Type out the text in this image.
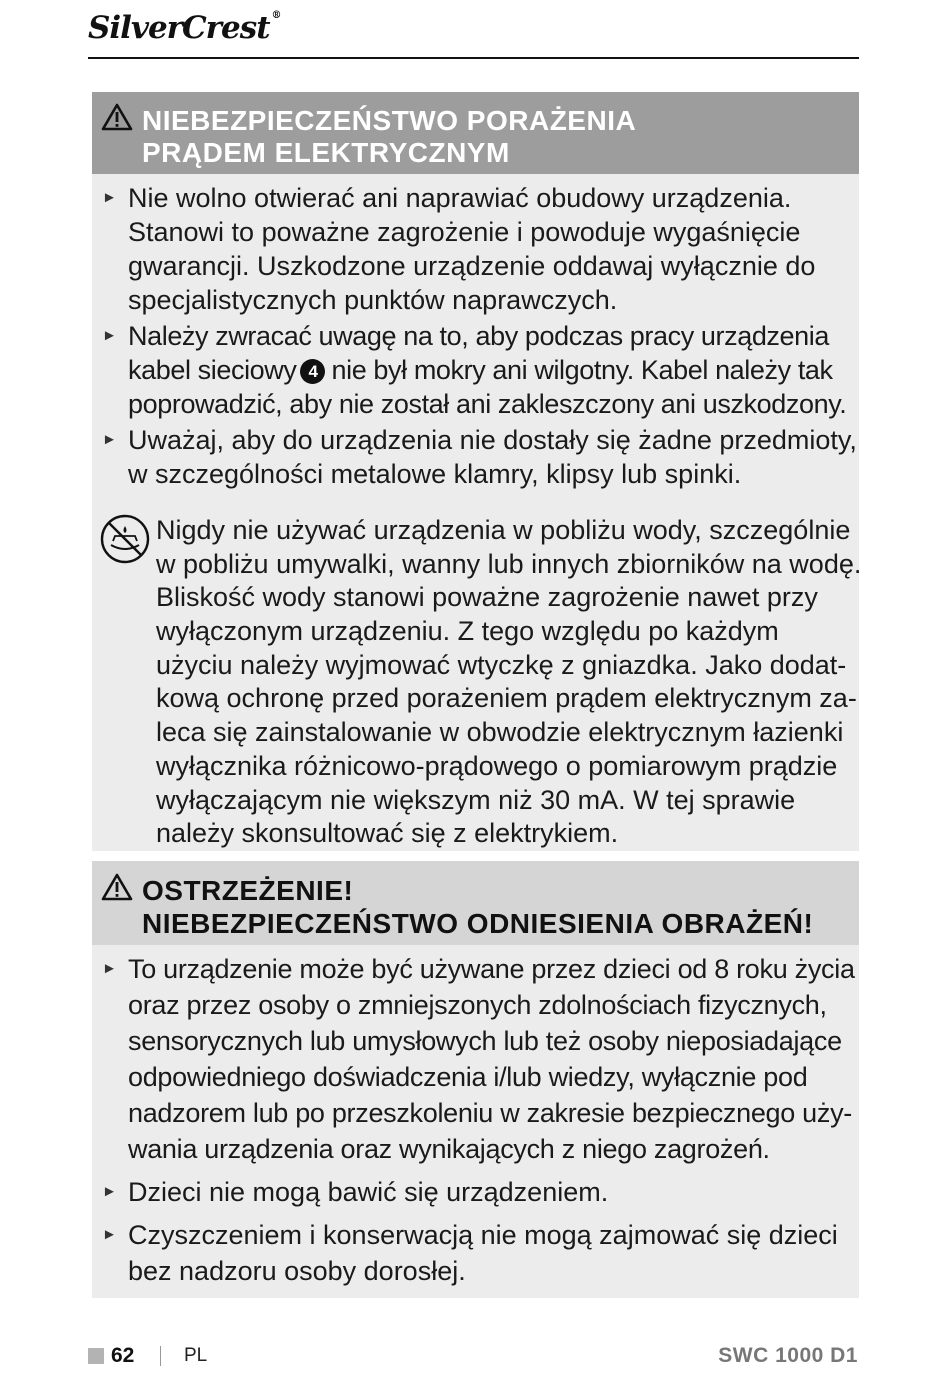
SilverCrest ®
NIEBEZPIECZEŃSTWO PORAŻENIA
PRĄDEM ELEKTRYCZNYM
► Nie wolno otwierać ani naprawiać obudowy urządzenia.
Stanowi to poważne zagrożenie i powoduje wygaśnięcie
gwarancji. Uszkodzone urządzenie oddawaj wyłącznie do
specjalistycznych punktów naprawczych.
► Należy zwracać uwagę na to, aby podczas pracy urządzenia
kabel sieciowy 4 nie był mokry ani wilgotny. Kabel należy tak
poprowadzić, aby nie został ani zakleszczony ani uszkodzony.
► Uważaj, aby do urządzenia nie dostały się żadne przedmioty,
w szczególności metalowe klamry, klipsy lub spinki.
Nigdy nie używać urządzenia w pobliżu wody, szczególnie
w pobliżu umywalki, wanny lub innych zbiorników na wodę.
Bliskość wody stanowi poważne zagrożenie nawet przy
wyłączonym urządzeniu. Z tego względu po każdym
użyciu należy wyjmować wtyczkę z gniazdka. Jako dodat-
kową ochronę przed porażeniem prądem elektrycznym za-
leca się zainstalowanie w obwodzie elektrycznym łazienki
wyłącznika różnicowo-prądowego o pomiarowym prądzie
wyłączającym nie większym niż 30 mA. W tej sprawie
należy skonsultować się z elektrykiem.
OSTRZEŻENIE!
NIEBEZPIECZEŃSTWO ODNIESIENIA OBRAŻEŃ!
► To urządzenie może być używane przez dzieci od 8 roku życia
oraz przez osoby o zmniejszonych zdolnościach fizycznych,
sensorycznych lub umysłowych lub też osoby nieposiadające
odpowiedniego doświadczenia i/lub wiedzy, wyłącznie pod
nadzorem lub po przeszkoleniu w zakresie bezpiecznego uży-
wania urządzenia oraz wynikających z niego zagrożeń.
► Dzieci nie mogą bawić się urządzeniem.
► Czyszczeniem i konserwacją nie mogą zajmować się dzieci
bez nadzoru osoby dorosłej.
62	PL	SWC 1000 D1
